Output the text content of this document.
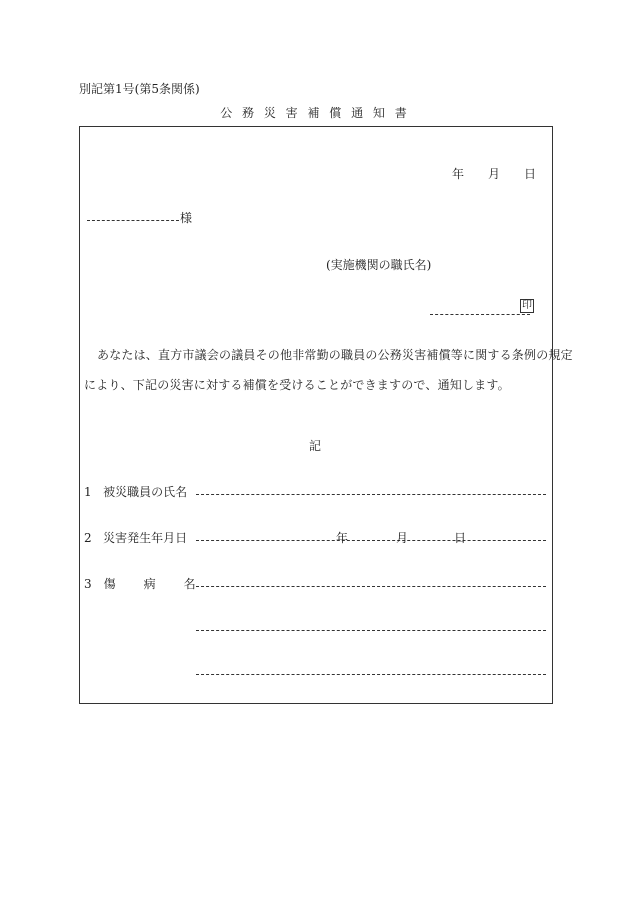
別記第1号(第5条関係)
公 務 災 害 補 償 通 知 書
年 月 日
様
(実施機関の職氏名)
印
あなたは、直方市議会の議員その他非常勤の職員の公務災害補償等に関する条例の規定
により、下記の災害に対する補償を受けることができますので、通知します。
記
1 被災職員の氏名
2 災害発生年月日	年	月	日
3 傷 病 名
